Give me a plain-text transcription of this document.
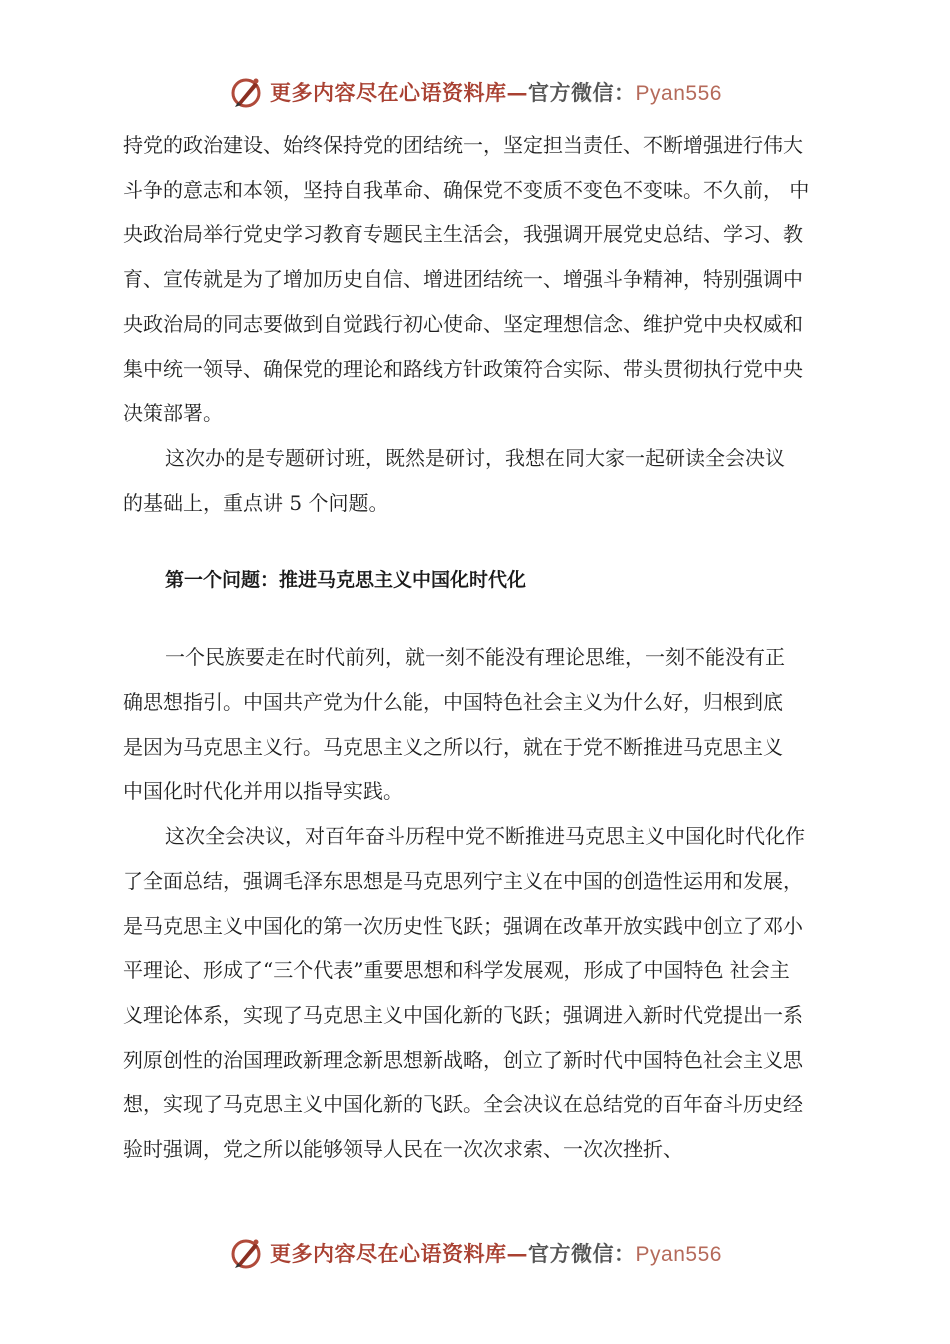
更多内容尽在心语资料库—官方微信：Pyan556

持党的政治建设、始终保持党的团结统一，坚定担当责任、不断增强进行伟大
斗争的意志和本领，坚持自我革命、确保党不变质不变色不变味。不久前， 中
央政治局举行党史学习教育专题民主生活会，我强调开展党史总结、学习、教
育、宣传就是为了增加历史自信、增进团结统一、增强斗争精神，特别强调中
央政治局的同志要做到自觉践行初心使命、坚定理想信念、维护党中央权威和
集中统一领导、确保党的理论和路线方针政策符合实际、带头贯彻执行党中央
决策部署。

这次办的是专题研讨班，既然是研讨，我想在同大家一起研读全会决议
的基础上，重点讲 5 个问题。

第一个问题：推进马克思主义中国化时代化

一个民族要走在时代前列，就一刻不能没有理论思维，一刻不能没有正
确思想指引。中国共产党为什么能，中国特色社会主义为什么好，归根到底
是因为马克思主义行。马克思主义之所以行，就在于党不断推进马克思主义
中国化时代化并用以指导实践。

这次全会决议，对百年奋斗历程中党不断推进马克思主义中国化时代化作
了全面总结，强调毛泽东思想是马克思列宁主义在中国的创造性运用和发展，
是马克思主义中国化的第一次历史性飞跃；强调在改革开放实践中创立了邓小
平理论、形成了“三个代表”重要思想和科学发展观，形成了中国特色 社会主
义理论体系，实现了马克思主义中国化新的飞跃；强调进入新时代党提出一系
列原创性的治国理政新理念新思想新战略，创立了新时代中国特色社会主义思
想，实现了马克思主义中国化新的飞跃。全会决议在总结党的百年奋斗历史经
验时强调，党之所以能够领导人民在一次次求索、一次次挫折、

更多内容尽在心语资料库—官方微信：Pyan556
